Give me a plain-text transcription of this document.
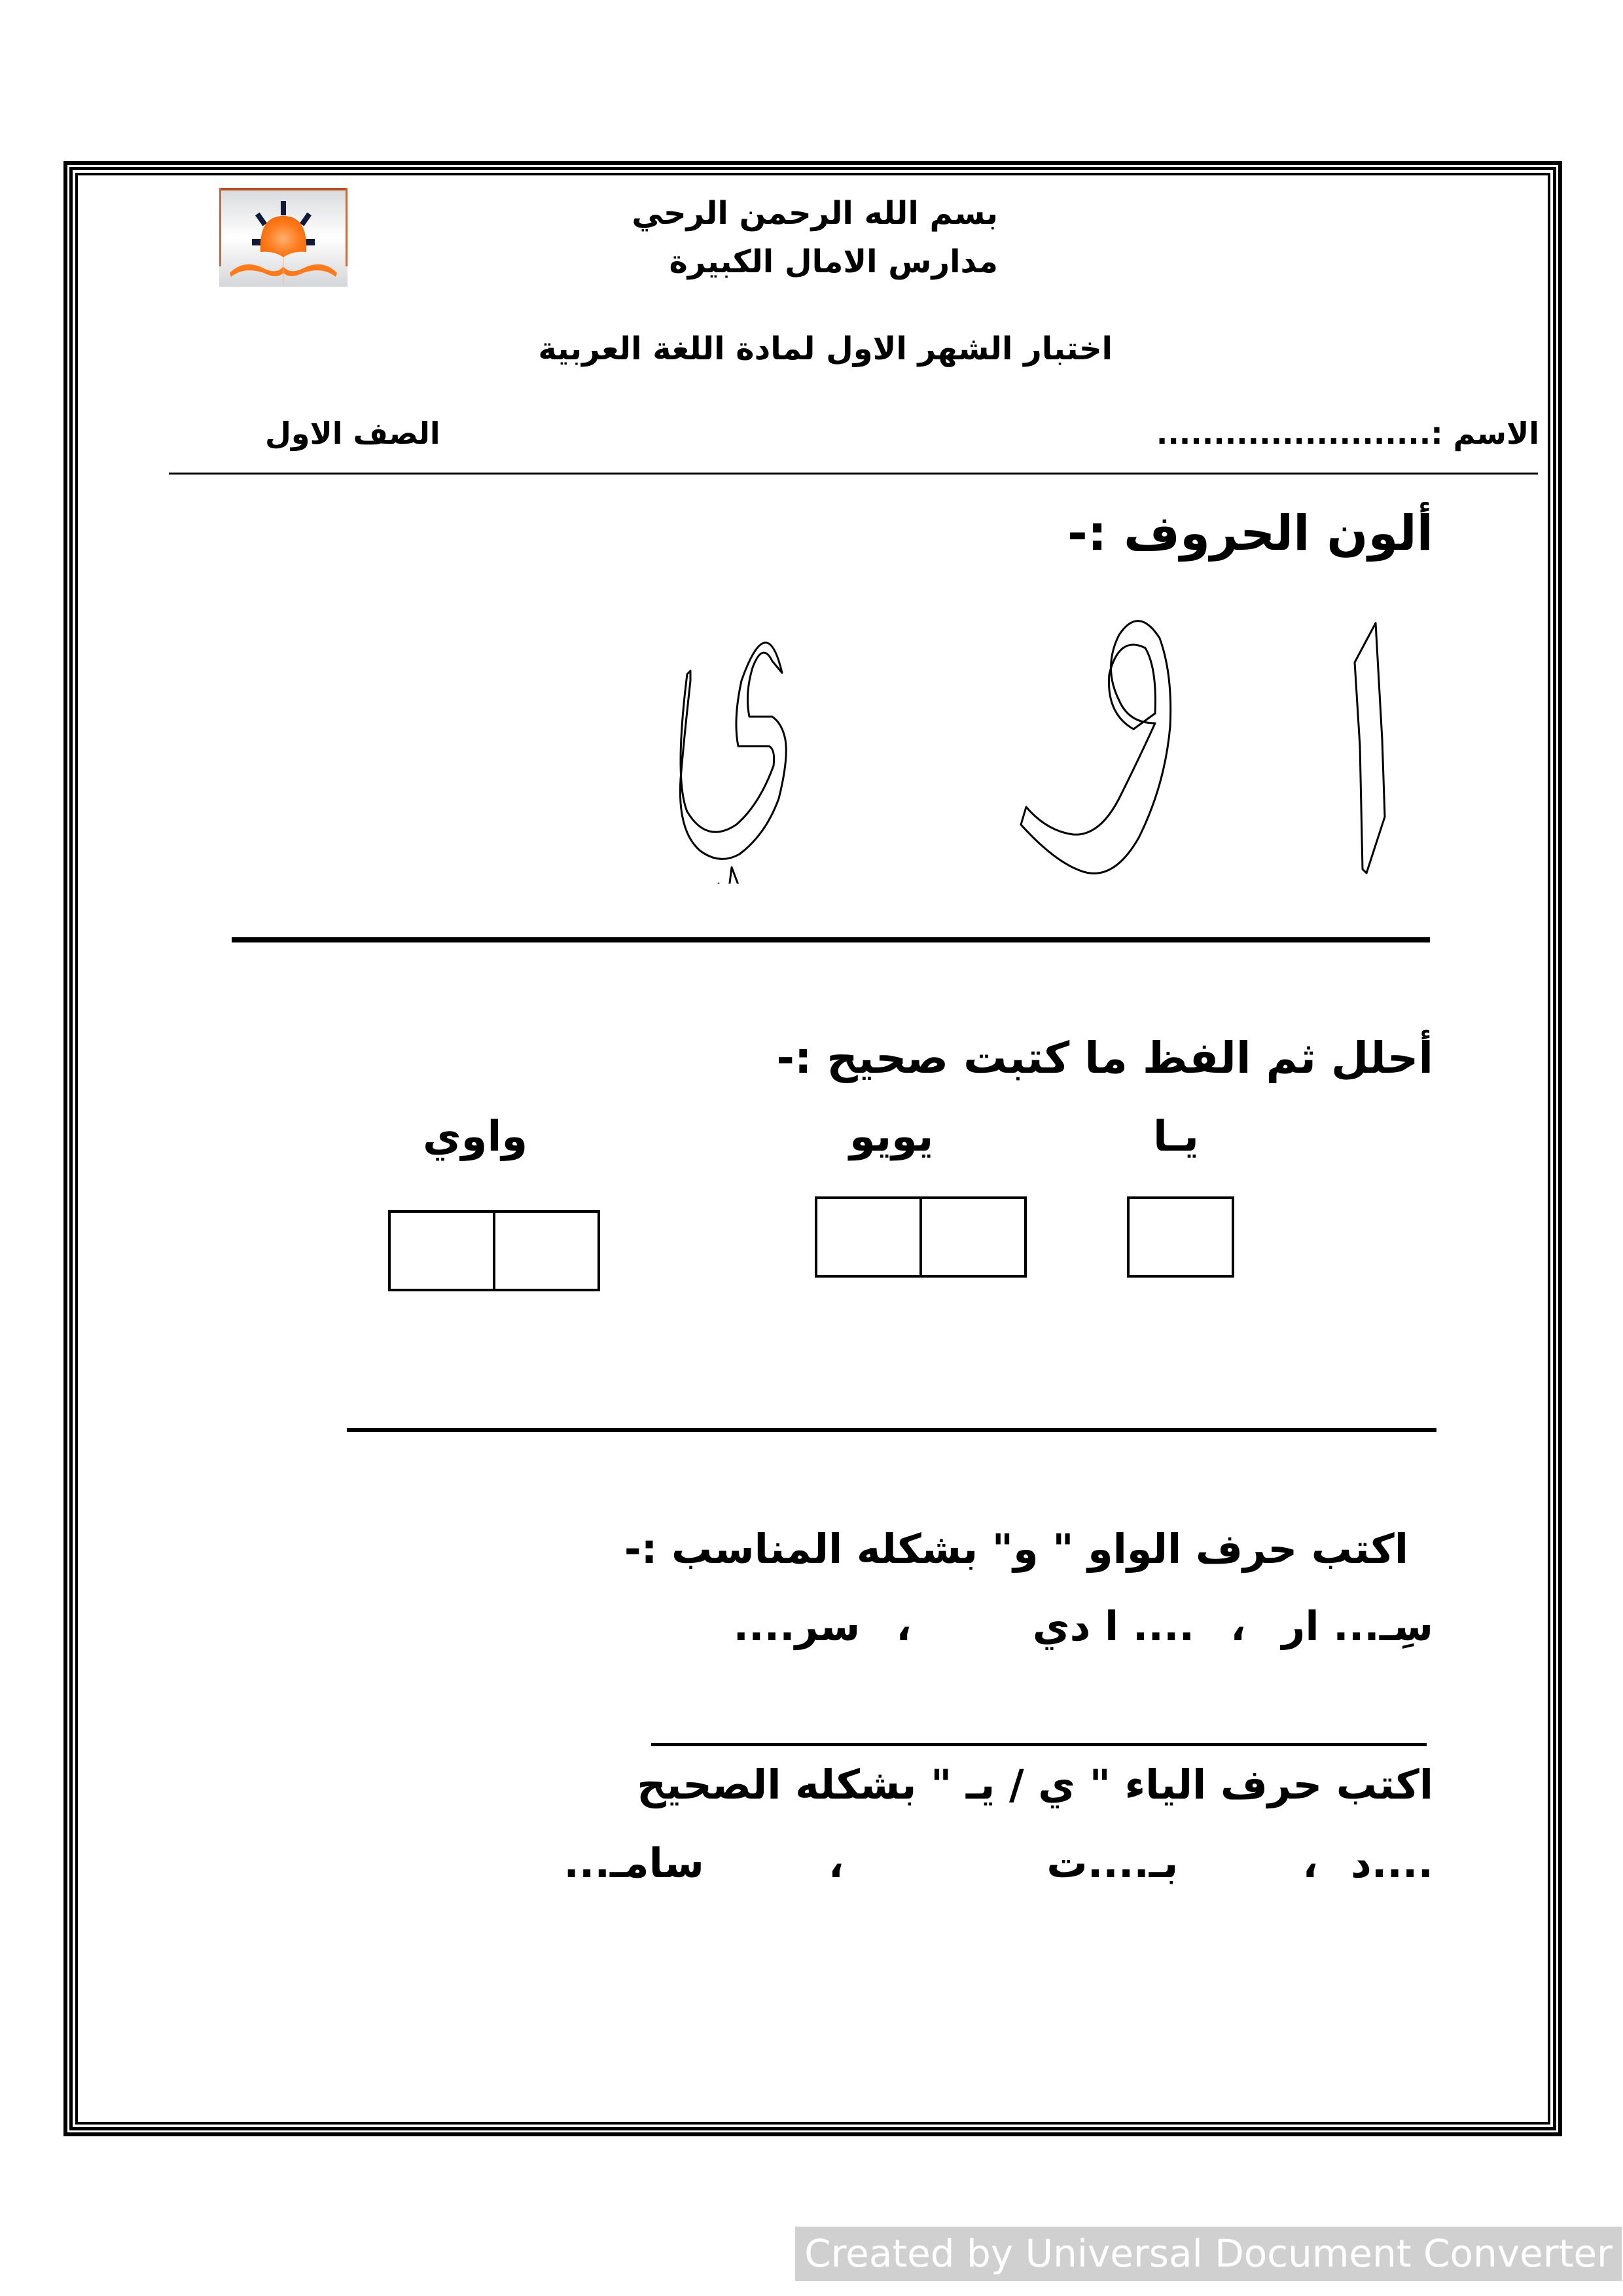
بسم الله الرحمن الرحي
مدارس الامال الكبيرة
اختبار الشهر الاول لمادة اللغة العربية
الاسم :........................
الصف الاول
ألون الحروف :-
ا
أحلل ثم الفظ ما كتبت صحيح :-
يـا
يويو
واوي
اكتب حرف الواو " و" بشكله المناسب :-
سِـ... ار،.... ا دي،سر....
اكتب حرف الياء " ي / يـ " بشكله الصحيح
....د،بـ....ت،سامـ...
Created by Universal Document Converter
